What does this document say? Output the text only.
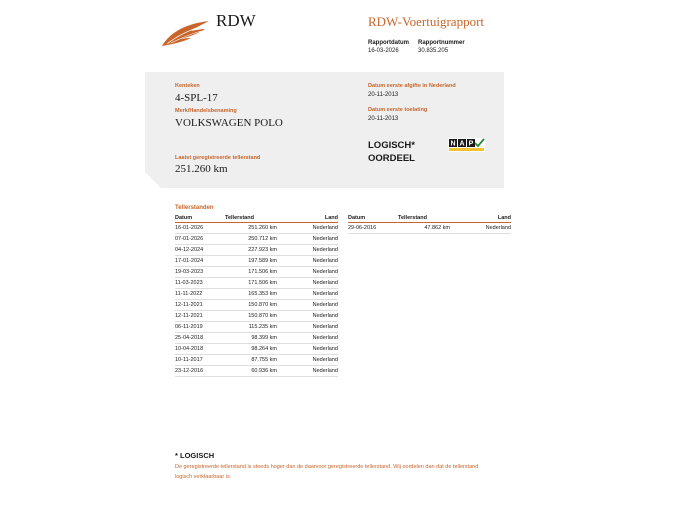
RDW	RDW-Voertuigrapport
Rapportdatum
16-03-2026
Rapportnummer
30.835.205
Kenteken
4-SPL-17
Merk/Handelsbenaming
VOLKSWAGEN POLO
Laatst geregistreerde tellerstand
251.260 km
Datum eerste afgifte in Nederland
20-11-2013
Datum eerste toelating
20-11-2013
LOGISCH*
OORDEEL
N A P
Tellerstanden
Datum	Tellerstand	Land
16-01-2026	251.260 km	Nederland
07-01-2026	250.712 km	Nederland
04-12-2024	227.923 km	Nederland
17-01-2024	197.589 km	Nederland
19-03-2023	171.506 km	Nederland
11-03-2023	171.506 km	Nederland
11-11-2022	165.353 km	Nederland
12-11-2021	150.870 km	Nederland
12-11-2021	150.870 km	Nederland
06-11-2019	115.235 km	Nederland
25-04-2018	98.399 km	Nederland
10-04-2018	98.264 km	Nederland
10-11-2017	87.755 km	Nederland
23-12-2016	60.936 km	Nederland
Datum	Tellerstand	Land
29-06-2016	47.862 km	Nederland
* LOGISCH
De geregistreerde tellerstand is steeds hoger dan de daarvoor geregistreerde tellerstand. Wij oordelen dan dat de tellerstand logisch verklaarbaar is.
